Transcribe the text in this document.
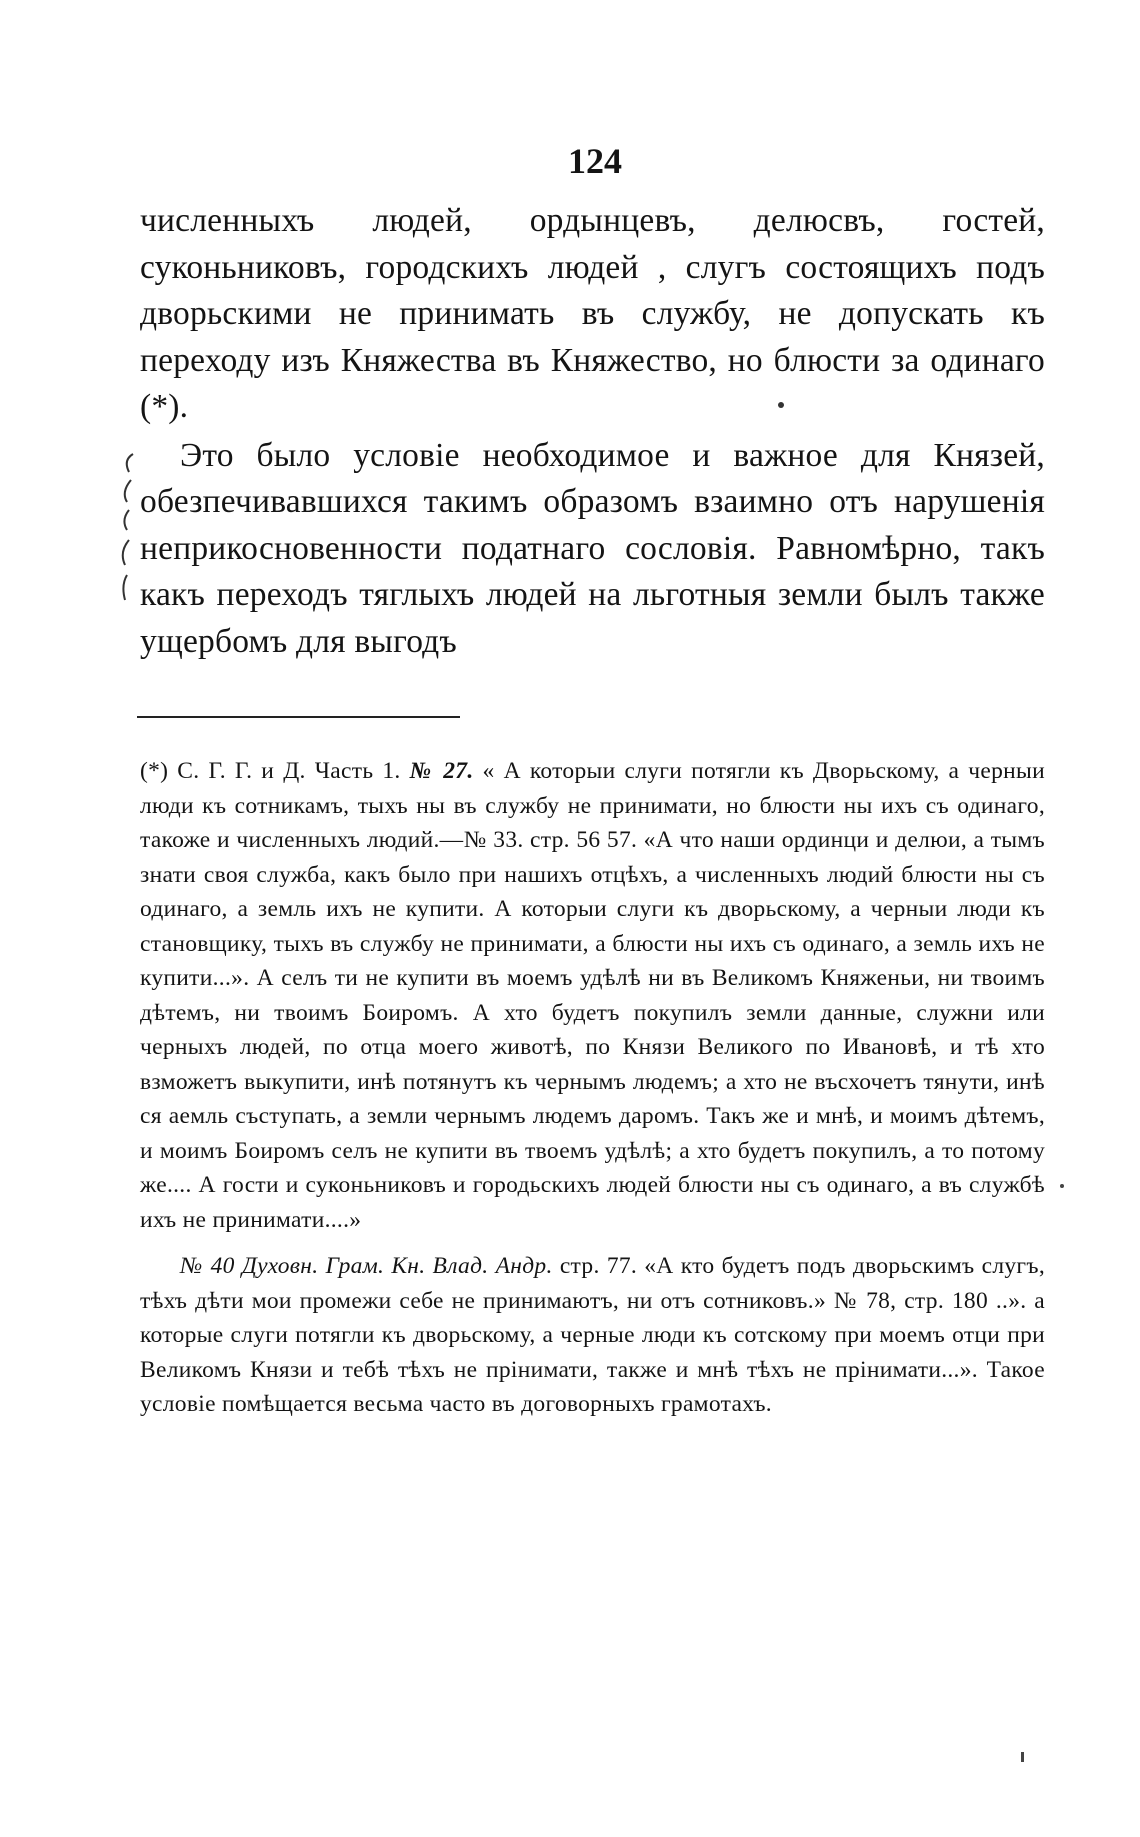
124

численныхъ людей, ордынцевъ, делюсвъ, гостей, суконьниковъ, городскихъ людей , слугъ состоящихъ подъ дворьскими не принимать въ службу, не допускать къ переходу изъ Княжества въ Княжество, но блюсти за одинаго (*).

Это было условіе необходимое и важное для Князей, обезпечивавшихся такимъ образомъ взаимно отъ нарушенія неприкосновенности податнаго сословія. Равномѣрно, такъ какъ переходъ тяглыхъ людей на льготныя земли былъ также ущербомъ для выгодъ

(*) С. Г. Г. и Д. Часть 1. № 27. « А которыи слуги потягли къ Дворьскому, а черныи люди къ сотникамъ, тыхъ ны въ службу не принимати, но блюсти ны ихъ съ одинаго, такоже и численныхъ людий.—№ 33. стр. 56 57. «А что наши ординци и делюи, а тымъ знати своя служба, какъ было при нашихъ отцѣхъ, а численныхъ людий блюсти ны съ одинаго, а земль ихъ не купити. А которыи слуги къ дворьскому, а черныи люди къ становщику, тыхъ въ службу не принимати, а блюсти ны ихъ съ одинаго, а земль ихъ не купити...». А селъ ти не купити въ моемъ удѣлѣ ни въ Великомъ Княженьи, ни твоимъ дѣтемъ, ни твоимъ Боиромъ. А хто будетъ покупилъ земли данные, служни или черныхъ людей, по отца моего животѣ, по Князи Великого по Ивановѣ, и тѣ хто взможетъ выкупити, инѣ потянутъ къ чернымъ людемъ; а хто не въсхочетъ тянути, инѣ ся аемль съступать, а земли чернымъ людемъ даромъ. Такъ же и мнѣ, и моимъ дѣтемъ, и моимъ Боиромъ селъ не купити въ твоемъ удѣлѣ; а хто будетъ покупилъ, а то потому же.... А гости и суконьниковъ и городьскихъ людей блюсти ны съ одинаго, а въ службѣ ихъ не принимати....»

№ 40 Духовн. Грам. Кн. Влад. Андр. стр. 77. «А кто будетъ подъ дворьскимъ слугъ, тѣхъ дѣти мои промежи себе не принимаютъ, ни отъ сотниковъ.» № 78, стр. 180 ..». а которые слуги потягли къ дворьскому, а черные люди къ сотскому при моемъ отци при Великомъ Князи и тебѣ тѣхъ не прінимати, также и мнѣ тѣхъ не прінимати...». Такое условіе помѣщается весьма часто въ договорныхъ грамотахъ.
